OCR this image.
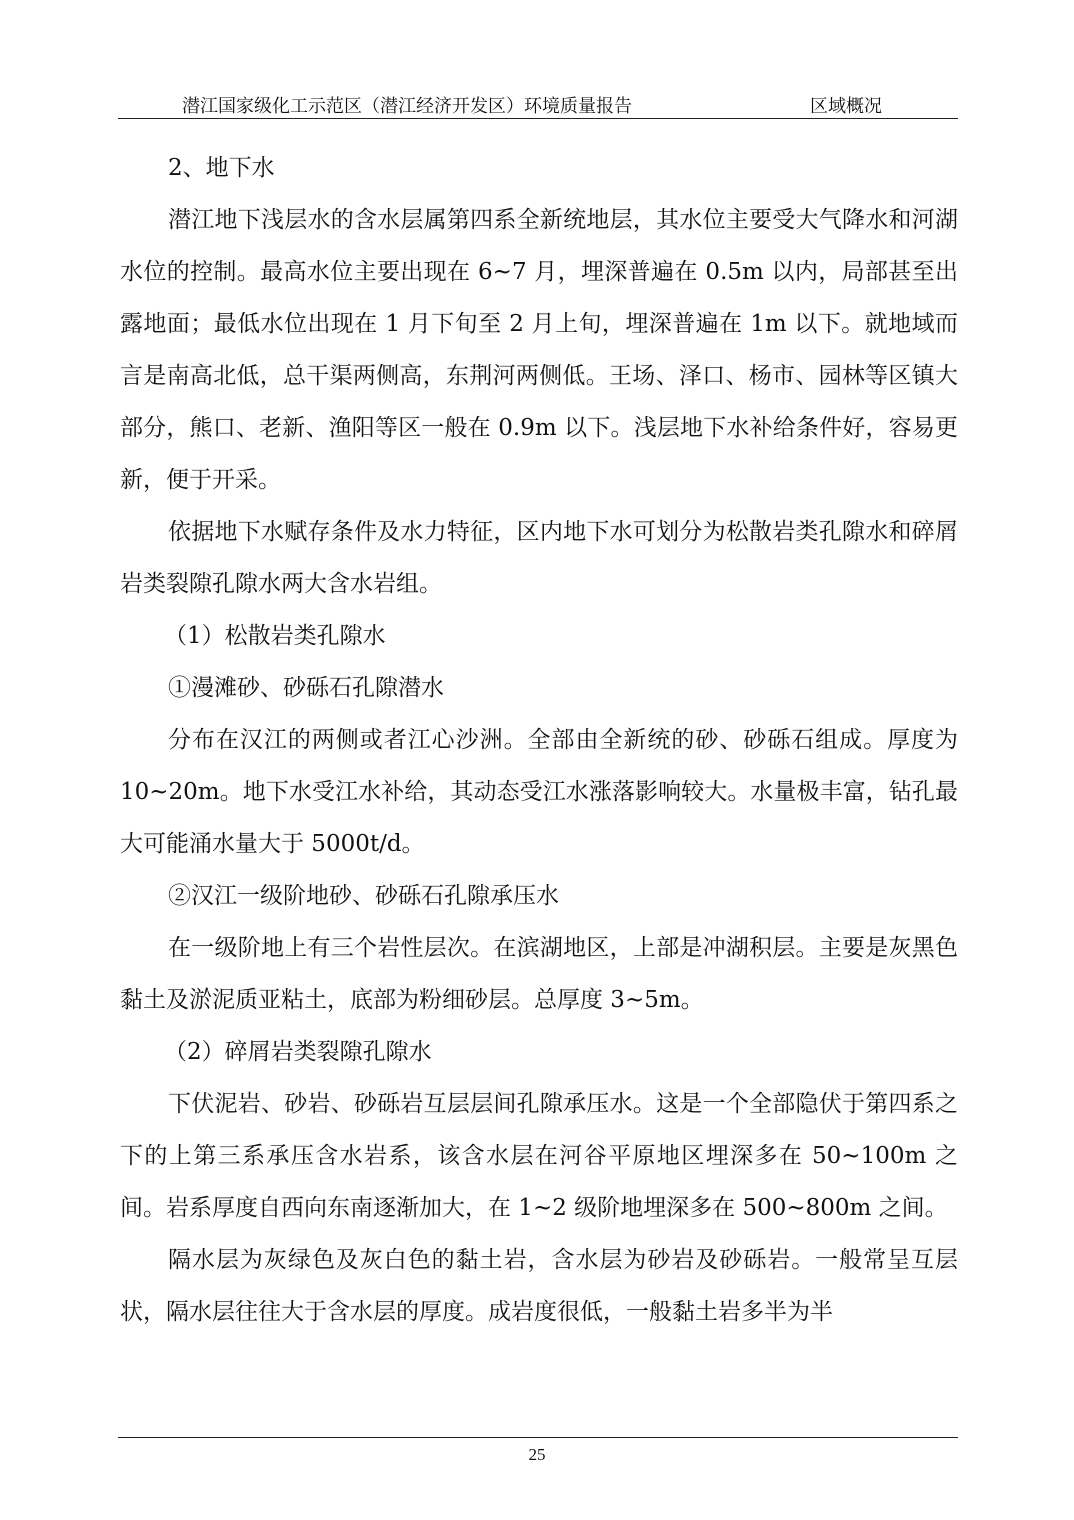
潜江国家级化工示范区（潜江经济开发区）环境质量报告	区域概况

2、地下水

潜江地下浅层水的含水层属第四系全新统地层，其水位主要受大气降水和河湖水位的控制。最高水位主要出现在 6~7 月，埋深普遍在 0.5m 以内，局部甚至出露地面；最低水位出现在 1 月下旬至 2 月上旬，埋深普遍在 1m 以下。就地域而言是南高北低，总干渠两侧高，东荆河两侧低。王场、泽口、杨市、园林等区镇大部分，熊口、老新、渔阳等区一般在 0.9m 以下。浅层地下水补给条件好，容易更新，便于开采。

依据地下水赋存条件及水力特征，区内地下水可划分为松散岩类孔隙水和碎屑岩类裂隙孔隙水两大含水岩组。

（1）松散岩类孔隙水

①漫滩砂、砂砾石孔隙潜水

分布在汉江的两侧或者江心沙洲。全部由全新统的砂、砂砾石组成。厚度为 10~20m。地下水受江水补给，其动态受江水涨落影响较大。水量极丰富，钻孔最大可能涌水量大于 5000t/d。

②汉江一级阶地砂、砂砾石孔隙承压水

在一级阶地上有三个岩性层次。在滨湖地区，上部是冲湖积层。主要是灰黑色黏土及淤泥质亚粘土，底部为粉细砂层。总厚度 3~5m。

（2）碎屑岩类裂隙孔隙水

下伏泥岩、砂岩、砂砾岩互层层间孔隙承压水。这是一个全部隐伏于第四系之下的上第三系承压含水岩系，该含水层在河谷平原地区埋深多在 50~100m 之间。岩系厚度自西向东南逐渐加大，在 1~2 级阶地埋深多在 500~800m 之间。

隔水层为灰绿色及灰白色的黏土岩，含水层为砂岩及砂砾岩。一般常呈互层状，隔水层往往大于含水层的厚度。成岩度很低，一般黏土岩多半为半

25
